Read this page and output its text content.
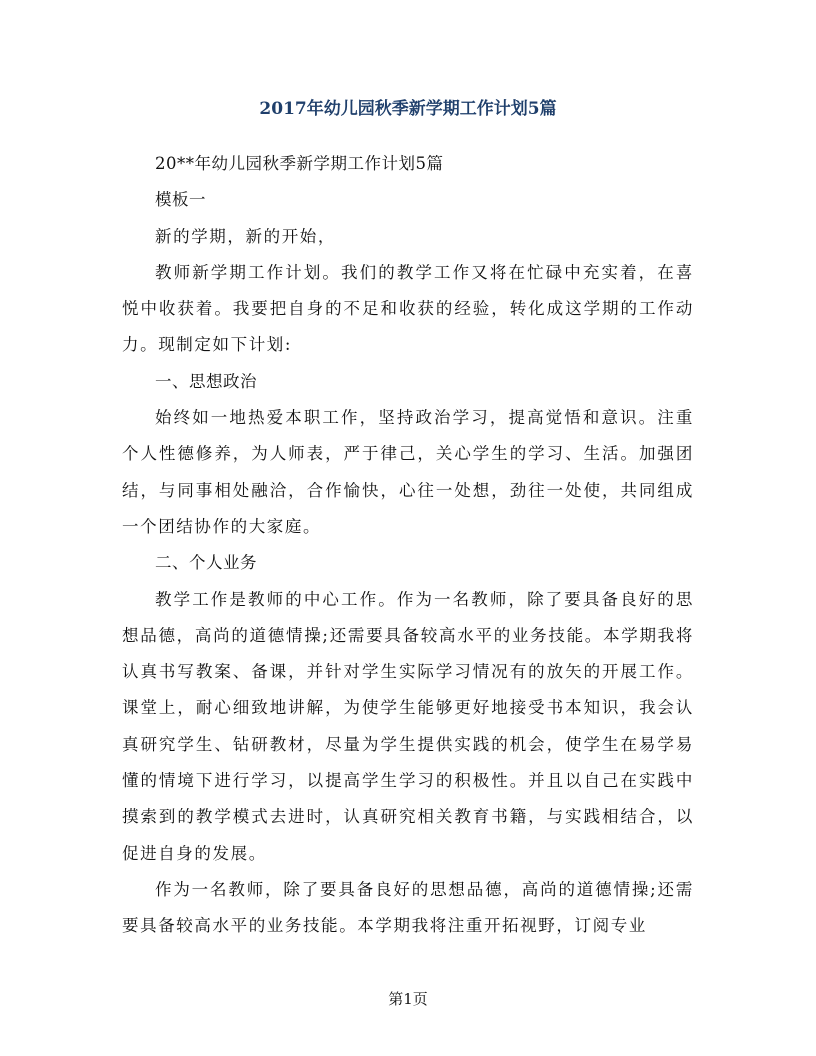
2017年幼儿园秋季新学期工作计划5篇

20**年幼儿园秋季新学期工作计划5篇

模板一

新的学期，新的开始，

教师新学期工作计划。我们的教学工作又将在忙碌中充实着，在喜悦中收获着。我要把自身的不足和收获的经验，转化成这学期的工作动力。现制定如下计划:

一、思想政治

始终如一地热爱本职工作，坚持政治学习，提高觉悟和意识。注重个人性德修养，为人师表，严于律己，关心学生的学习、生活。加强团结，与同事相处融洽，合作愉快，心往一处想，劲往一处使，共同组成一个团结协作的大家庭。

二、个人业务

教学工作是教师的中心工作。作为一名教师，除了要具备良好的思想品德，高尚的道德情操;还需要具备较高水平的业务技能。本学期我将认真书写教案、备课，并针对学生实际学习情况有的放矢的开展工作。课堂上，耐心细致地讲解，为使学生能够更好地接受书本知识，我会认真研究学生、钻研教材，尽量为学生提供实践的机会，使学生在易学易懂的情境下进行学习，以提高学生学习的积极性。并且以自己在实践中摸索到的教学模式去进时，认真研究相关教育书籍，与实践相结合，以促进自身的发展。

作为一名教师，除了要具备良好的思想品德，高尚的道德情操;还需要具备较高水平的业务技能。本学期我将注重开拓视野，订阅专业

第1页
